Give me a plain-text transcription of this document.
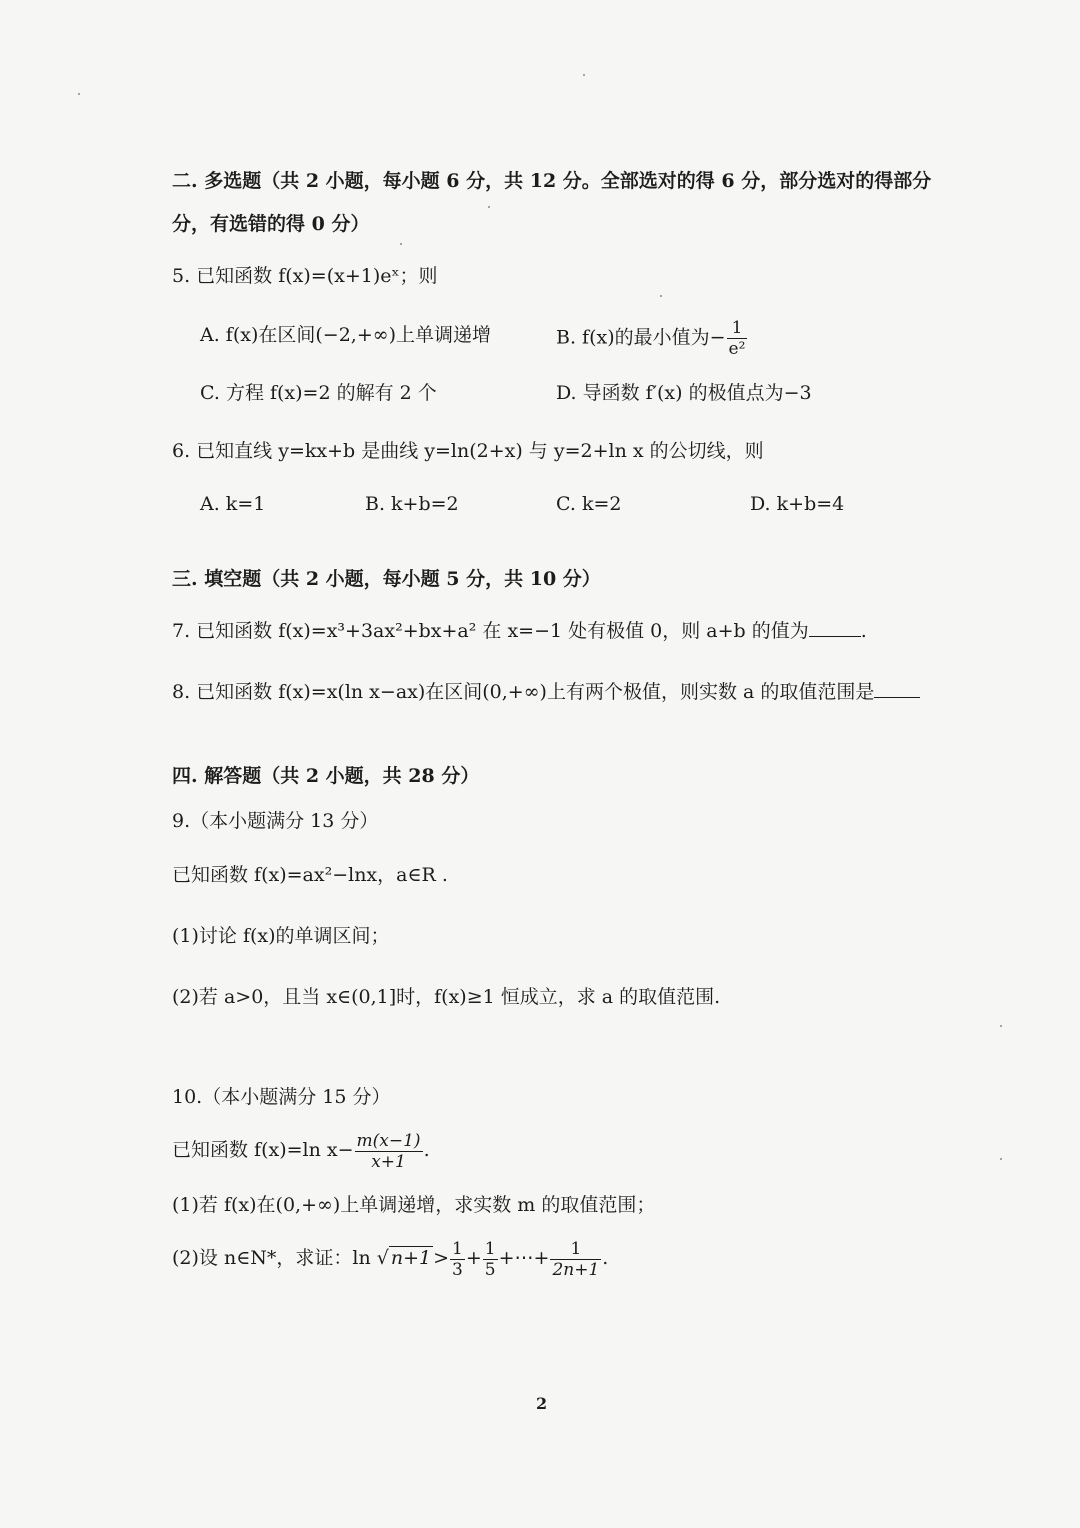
二. 多选题（共 2 小题，每小题 6 分，共 12 分。全部选对的得 6 分，部分选对的得部分
分，有选错的得 0 分）
5. 已知函数 f(x)=(x+1)eˣ；则
A. f(x)在区间(−2,+∞)上单调递增	B. f(x)的最小值为− $\frac{1}{\text{e²}}$
C. 方程 f(x)=2 的解有 2 个	D. 导函数 f′(x) 的极值点为−3
6. 已知直线 y=kx+b 是曲线 y=ln(2+x) 与 y=2+ln x 的公切线，则
A. k=1	B. k+b=2	C. k=2	D. k+b=4
三. 填空题（共 2 小题，每小题 5 分，共 10 分）
7. 已知函数 f(x)=x³+3ax²+bx+a² 在 x=−1 处有极值 0，则 a+b 的值为	.
8. 已知函数 f(x)=x(ln x−ax)在区间(0,+∞)上有两个极值，则实数 a 的取值范围是
四. 解答题（共 2 小题，共 28 分）
9.（本小题满分 13 分）
已知函数 f(x)=ax²−lnx，a∈R .
(1)讨论 f(x)的单调区间；
(2)若 a>0，且当 x∈(0,1]时，f(x)≥1 恒成立，求 a 的取值范围.
10.（本小题满分 15 分）
已知函数 f(x)=ln $x- \frac{m(x-1)}{x+1}$ .
(1)若 f(x)在(0,+∞)上单调递增，求实数 m 的取值范围；
(2)设 n∈N*，求证：ln √ $n+1 > \frac{1}{3} + \frac{1}{5}$ +⋯+ $\frac{1}{2n+1}$ .
2
